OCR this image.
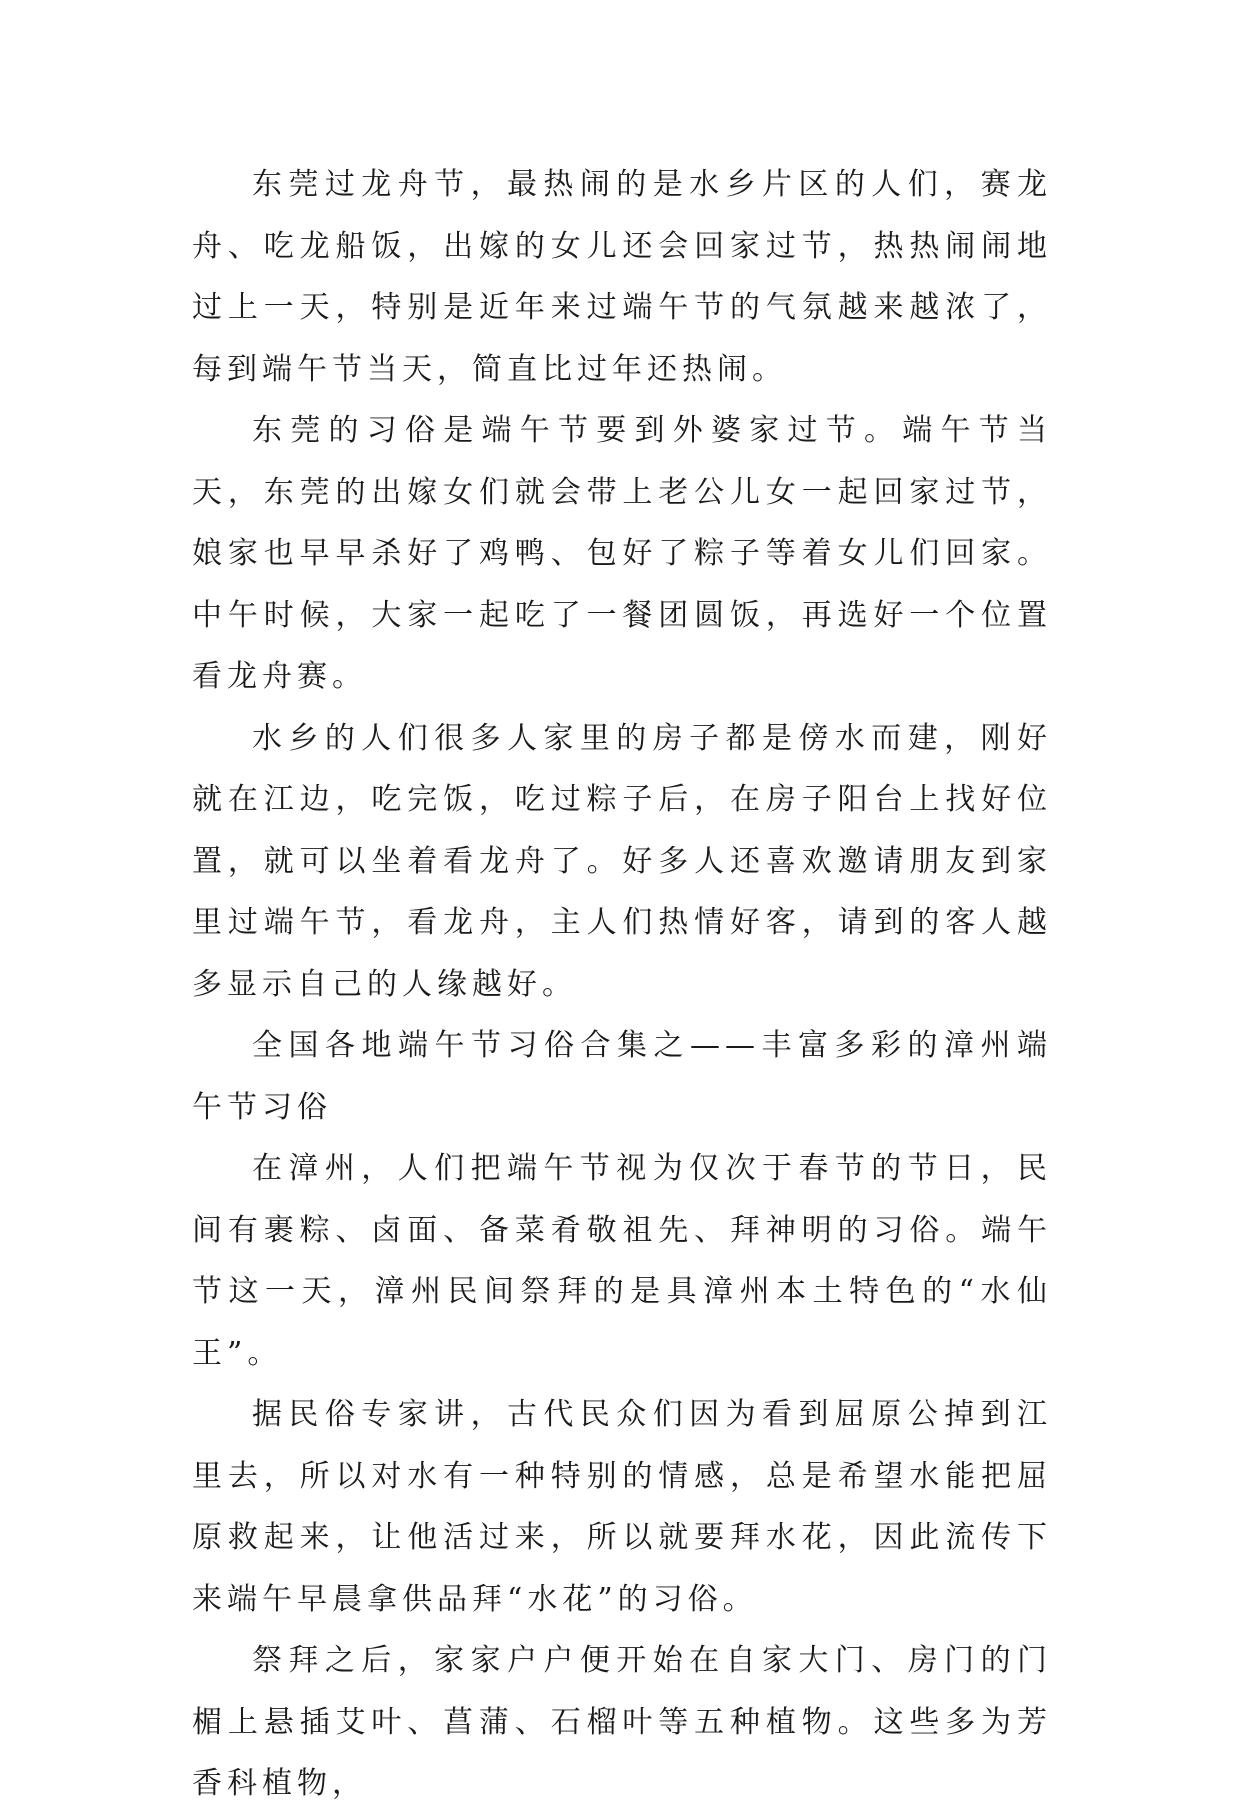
东莞过龙舟节，最热闹的是水乡片区的人们，赛龙舟、吃龙船饭，出嫁的女儿还会回家过节，热热闹闹地过上一天，特别是近年来过端午节的气氛越来越浓了，每到端午节当天，简直比过年还热闹。

东莞的习俗是端午节要到外婆家过节。端午节当天，东莞的出嫁女们就会带上老公儿女一起回家过节，娘家也早早杀好了鸡鸭、包好了粽子等着女儿们回家。中午时候，大家一起吃了一餐团圆饭，再选好一个位置看龙舟赛。

水乡的人们很多人家里的房子都是傍水而建，刚好就在江边，吃完饭，吃过粽子后，在房子阳台上找好位置，就可以坐着看龙舟了。好多人还喜欢邀请朋友到家里过端午节，看龙舟，主人们热情好客，请到的客人越多显示自己的人缘越好。

全国各地端午节习俗合集之——丰富多彩的漳州端午节习俗

在漳州，人们把端午节视为仅次于春节的节日，民间有裹粽、卤面、备菜肴敬祖先、拜神明的习俗。端午节这一天，漳州民间祭拜的是具漳州本土特色的“水仙王”。

据民俗专家讲，古代民众们因为看到屈原公掉到江里去，所以对水有一种特别的情感，总是希望水能把屈原救起来，让他活过来，所以就要拜水花，因此流传下来端午早晨拿供品拜“水花”的习俗。

祭拜之后，家家户户便开始在自家大门、房门的门楣上悬插艾叶、菖蒲、石榴叶等五种植物。这些多为芳香科植物，
